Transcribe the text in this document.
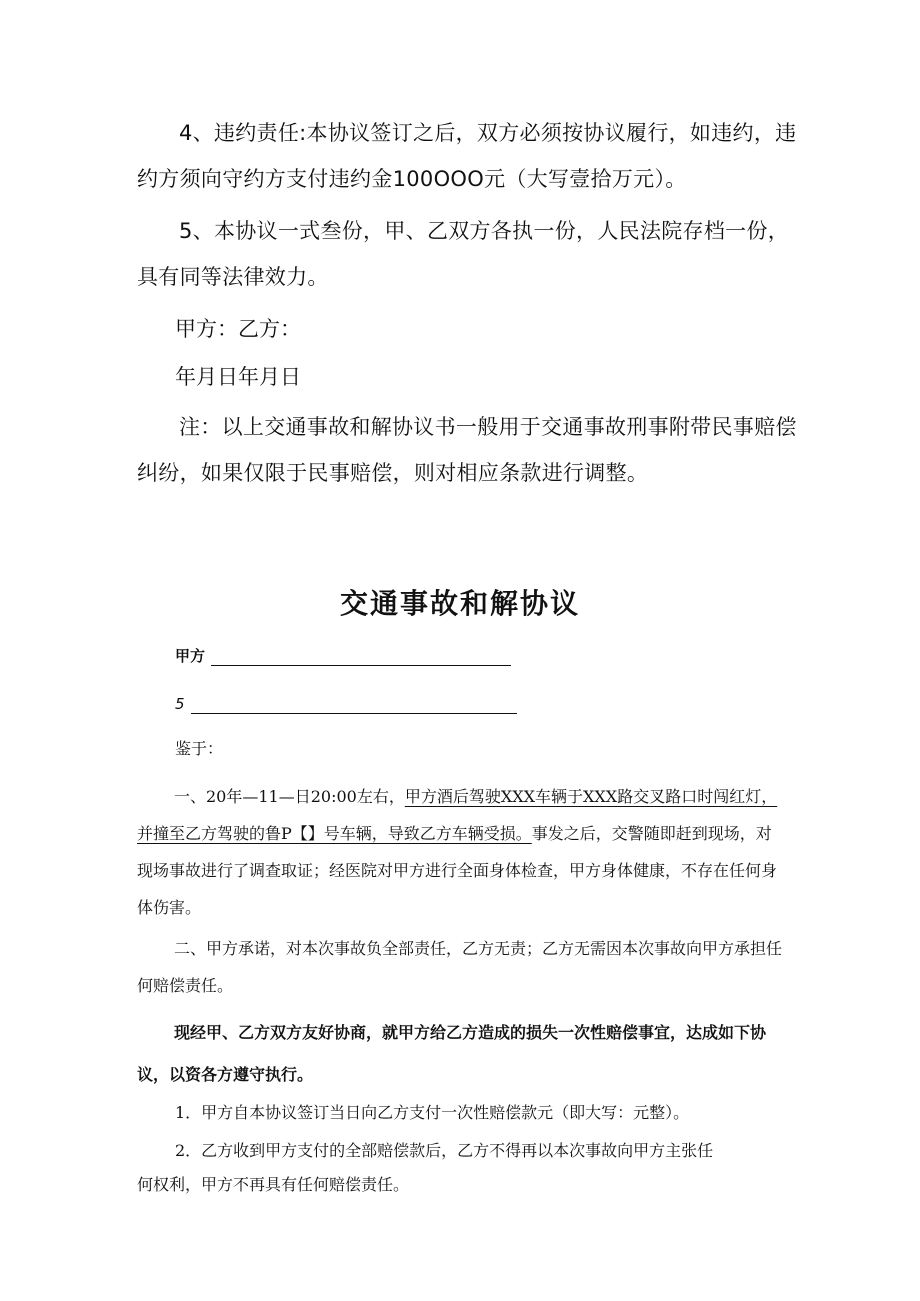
4、违约责任:本协议签订之后，双方必须按协议履行，如违约，违约方须向守约方支付违约金100OOO元（大写壹拾万元）。

5、本协议一式叁份，甲、乙双方各执一份，人民法院存档一份，具有同等法律效力。

甲方：乙方：

年月日年月日

注：以上交通事故和解协议书一般用于交通事故刑事附带民事赔偿纠纷，如果仅限于民事赔偿，则对相应条款进行调整。

交通事故和解协议
甲方
5

鉴于：

一、20年—11—日20:00左右，甲方酒后驾驶XXX车辆于XXX路交叉路口时闯红灯，并撞至乙方驾驶的鲁P【】号车辆，导致乙方车辆受损。事发之后，交警随即赶到现场，对现场事故进行了调查取证；经医院对甲方进行全面身体检查，甲方身体健康，不存在任何身体伤害。

二、甲方承诺，对本次事故负全部责任，乙方无责；乙方无需因本次事故向甲方承担任何赔偿责任。

现经甲、乙方双方友好协商，就甲方给乙方造成的损失一次性赔偿事宜，达成如下协议，以资各方遵守执行。

1．甲方自本协议签订当日向乙方支付一次性赔偿款元（即大写：元整）。

2．乙方收到甲方支付的全部赔偿款后，乙方不得再以本次事故向甲方主张任

何权利，甲方不再具有任何赔偿责任。
